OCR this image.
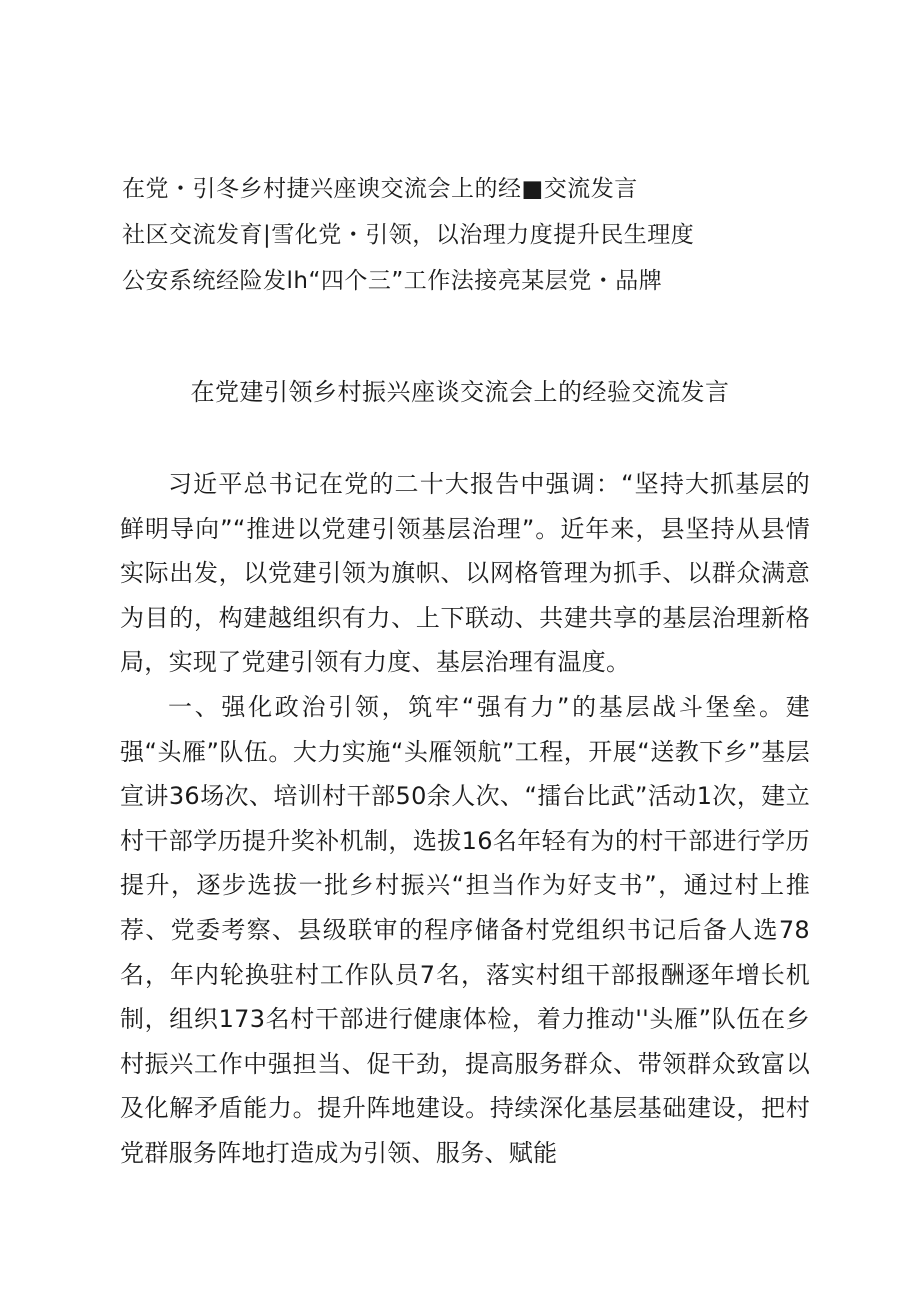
在党・引冬乡村捷兴座谀交流会上的经■交流发言
社区交流发育|雪化党・引领，以治理力度提升民生理度
公安系统经险发lh“四个三”工作法接亮某层党・品牌
在党建引领乡村振兴座谈交流会上的经验交流发言

习近平总书记在党的二十大报告中强调：“坚持大抓基层的鲜明导向”“推进以党建引领基层治理”。近年来，县坚持从县情实际出发，以党建引领为旗帜、以网格管理为抓手、以群众满意为目的，构建越组织有力、上下联动、共建共享的基层治理新格局，实现了党建引领有力度、基层治理有温度。

一、强化政治引领，筑牢“强有力”的基层战斗堡垒。建强“头雁”队伍。大力实施“头雁领航”工程，开展“送教下乡”基层宣讲36场次、培训村干部50余人次、“擂台比武”活动1次，建立村干部学历提升奖补机制，选拔16名年轻有为的村干部进行学历提升，逐步选拔一批乡村振兴“担当作为好支书”，通过村上推荐、党委考察、县级联审的程序储备村党组织书记后备人选78名，年内轮换驻村工作队员7名，落实村组干部报酬逐年增长机制，组织173名村干部进行健康体检，着力推动''头雁”队伍在乡村振兴工作中强担当、促干劲，提高服务群众、带领群众致富以及化解矛盾能力。提升阵地建设。持续深化基层基础建设，把村党群服务阵地打造成为引领、服务、赋能
